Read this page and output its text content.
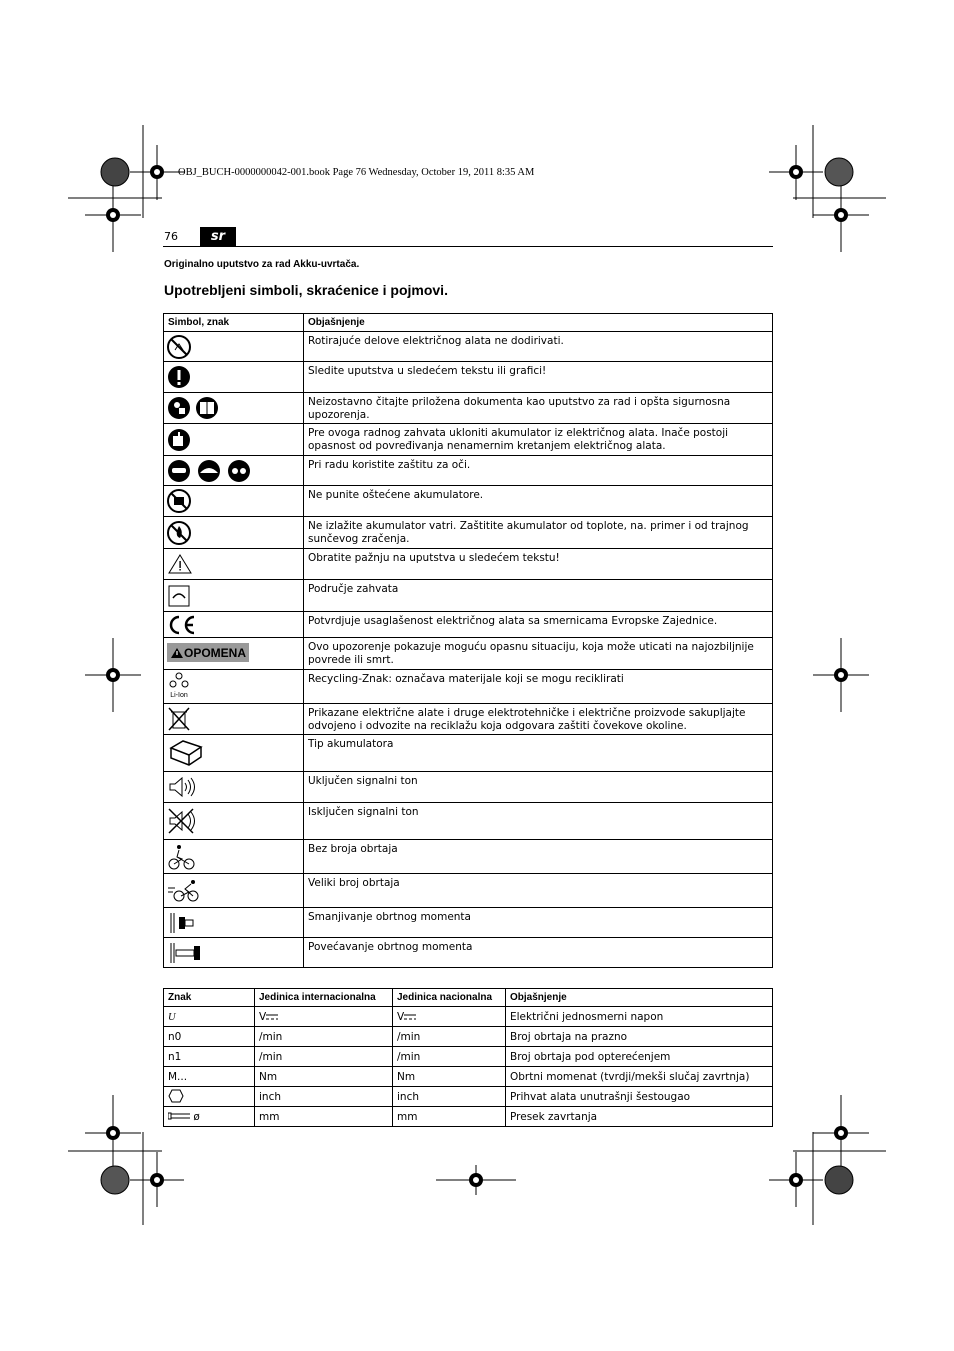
OBJ_BUCH-0000000042-001.book Page 76 Wednesday, October 19, 2011 8:35 AM
76	sr
Originalno uputstvo za rad Akku-uvrtača.
Upotrebljeni simboli, skraćenice i pojmovi.
Simbol, znak	Objašnjenje
	Rotirajuće delove električnog alata ne dodirivati.
	Sledite uputstva u sledećem tekstu ili grafici!
	Neizostavno čitajte priložena dokumenta kao uputstvo za rad i opšta sigurnosna upozorenja.
	Pre ovoga radnog zahvata ukloniti akumulator iz električnog alata. Inače postoji opasnost od povređivanja nenamernim kretanjem električnog alata.
	Pri radu koristite zaštitu za oči.
	Ne punite oštećene akumulatore.
	Ne izlažite akumulator vatri. Zaštitite akumulator od toplote, na. primer i od trajnog sunčevog zračenja.
	Obratite pažnju na uputstva u sledećem tekstu!
	Područje zahvata
	Potvrdjuje usaglašenost električnog alata sa smernicama Evropske Zajednice.

OPOMENA	Ovo upozorenje pokazuje moguću opasnu situaciju, koja može uticati na najozbiljnije povrede ili smrt.

Li-Ion	Recycling-Znak: označava materijale koji se mogu reciklirati
	Prikazane električne alate i druge elektrotehničke i električne proizvode sakupljajte odvojeno i odvozite na reciklažu koja odgovara zaštiti čovekove okoline.
	Tip akumulatora
	Uključen signalni ton
	Isključen signalni ton
	Bez broja obrtaja
	Veliki broj obrtaja
	Smanjivanje obrtnog momenta
	Povećavanje obrtnog momenta
Znak	Jedinica internacionalna	Jedinica nacionalna	Objašnjenje
U	V	V	Električni jednosmerni napon
n0	/min	/min	Broj obrtaja na prazno
n1	/min	/min	Broj obrtaja pod opterećenjem
M...	Nm	Nm	Obrtni momenat (tvrdji/mekši slučaj zavrtnja)
	inch	inch	Prihvat alata unutrašnji šestougao
ø	mm	mm	Presek zavrtanja
